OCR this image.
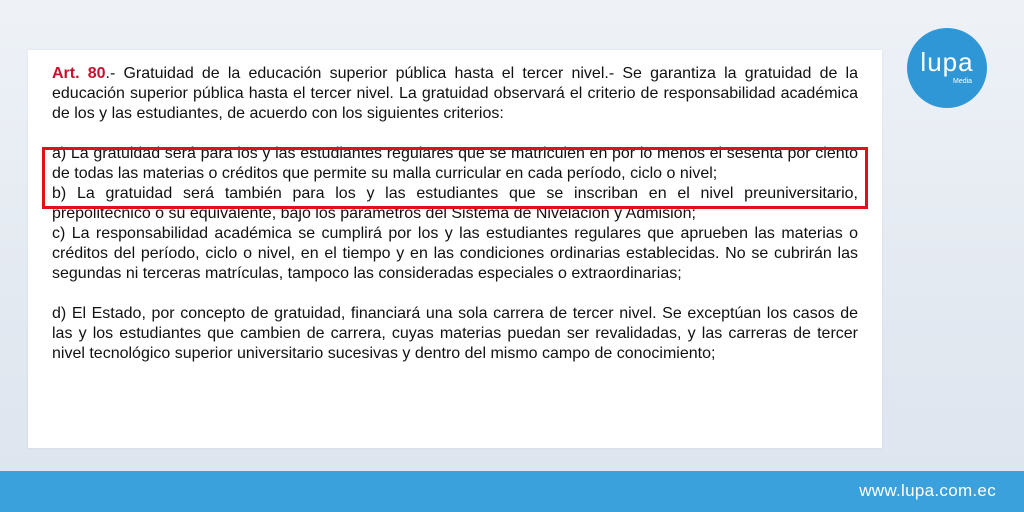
Art. 80.- Gratuidad de la educación superior pública hasta el tercer nivel.- Se garantiza la gratuidad de la educación superior pública hasta el tercer nivel. La gratuidad observará el criterio de responsabilidad académica de los y las estudiantes, de acuerdo con los siguientes criterios:

a) La gratuidad será para los y las estudiantes regulares que se matriculen en por lo menos el sesenta por ciento de todas las materias o créditos que permite su malla curricular en cada período, ciclo o nivel;

b) La gratuidad será también para los y las estudiantes que se inscriban en el nivel preuniversitario, prepolitécnico o su equivalente, bajo los parámetros del Sistema de Nivelación y Admisión;

c) La responsabilidad académica se cumplirá por los y las estudiantes regulares que aprueben las materias o créditos del período, ciclo o nivel, en el tiempo y en las condiciones ordinarias establecidas. No se cubrirán las segundas ni terceras matrículas, tampoco las consideradas especiales o extraordinarias;

d) El Estado, por concepto de gratuidad, financiará una sola carrera de tercer nivel. Se exceptúan los casos de las y los estudiantes que cambien de carrera, cuyas materias puedan ser revalidadas, y las carreras de tercer nivel tecnológico superior universitario sucesivas y dentro del mismo campo de conocimiento;

lupa
Media
www.lupa.com.ec
